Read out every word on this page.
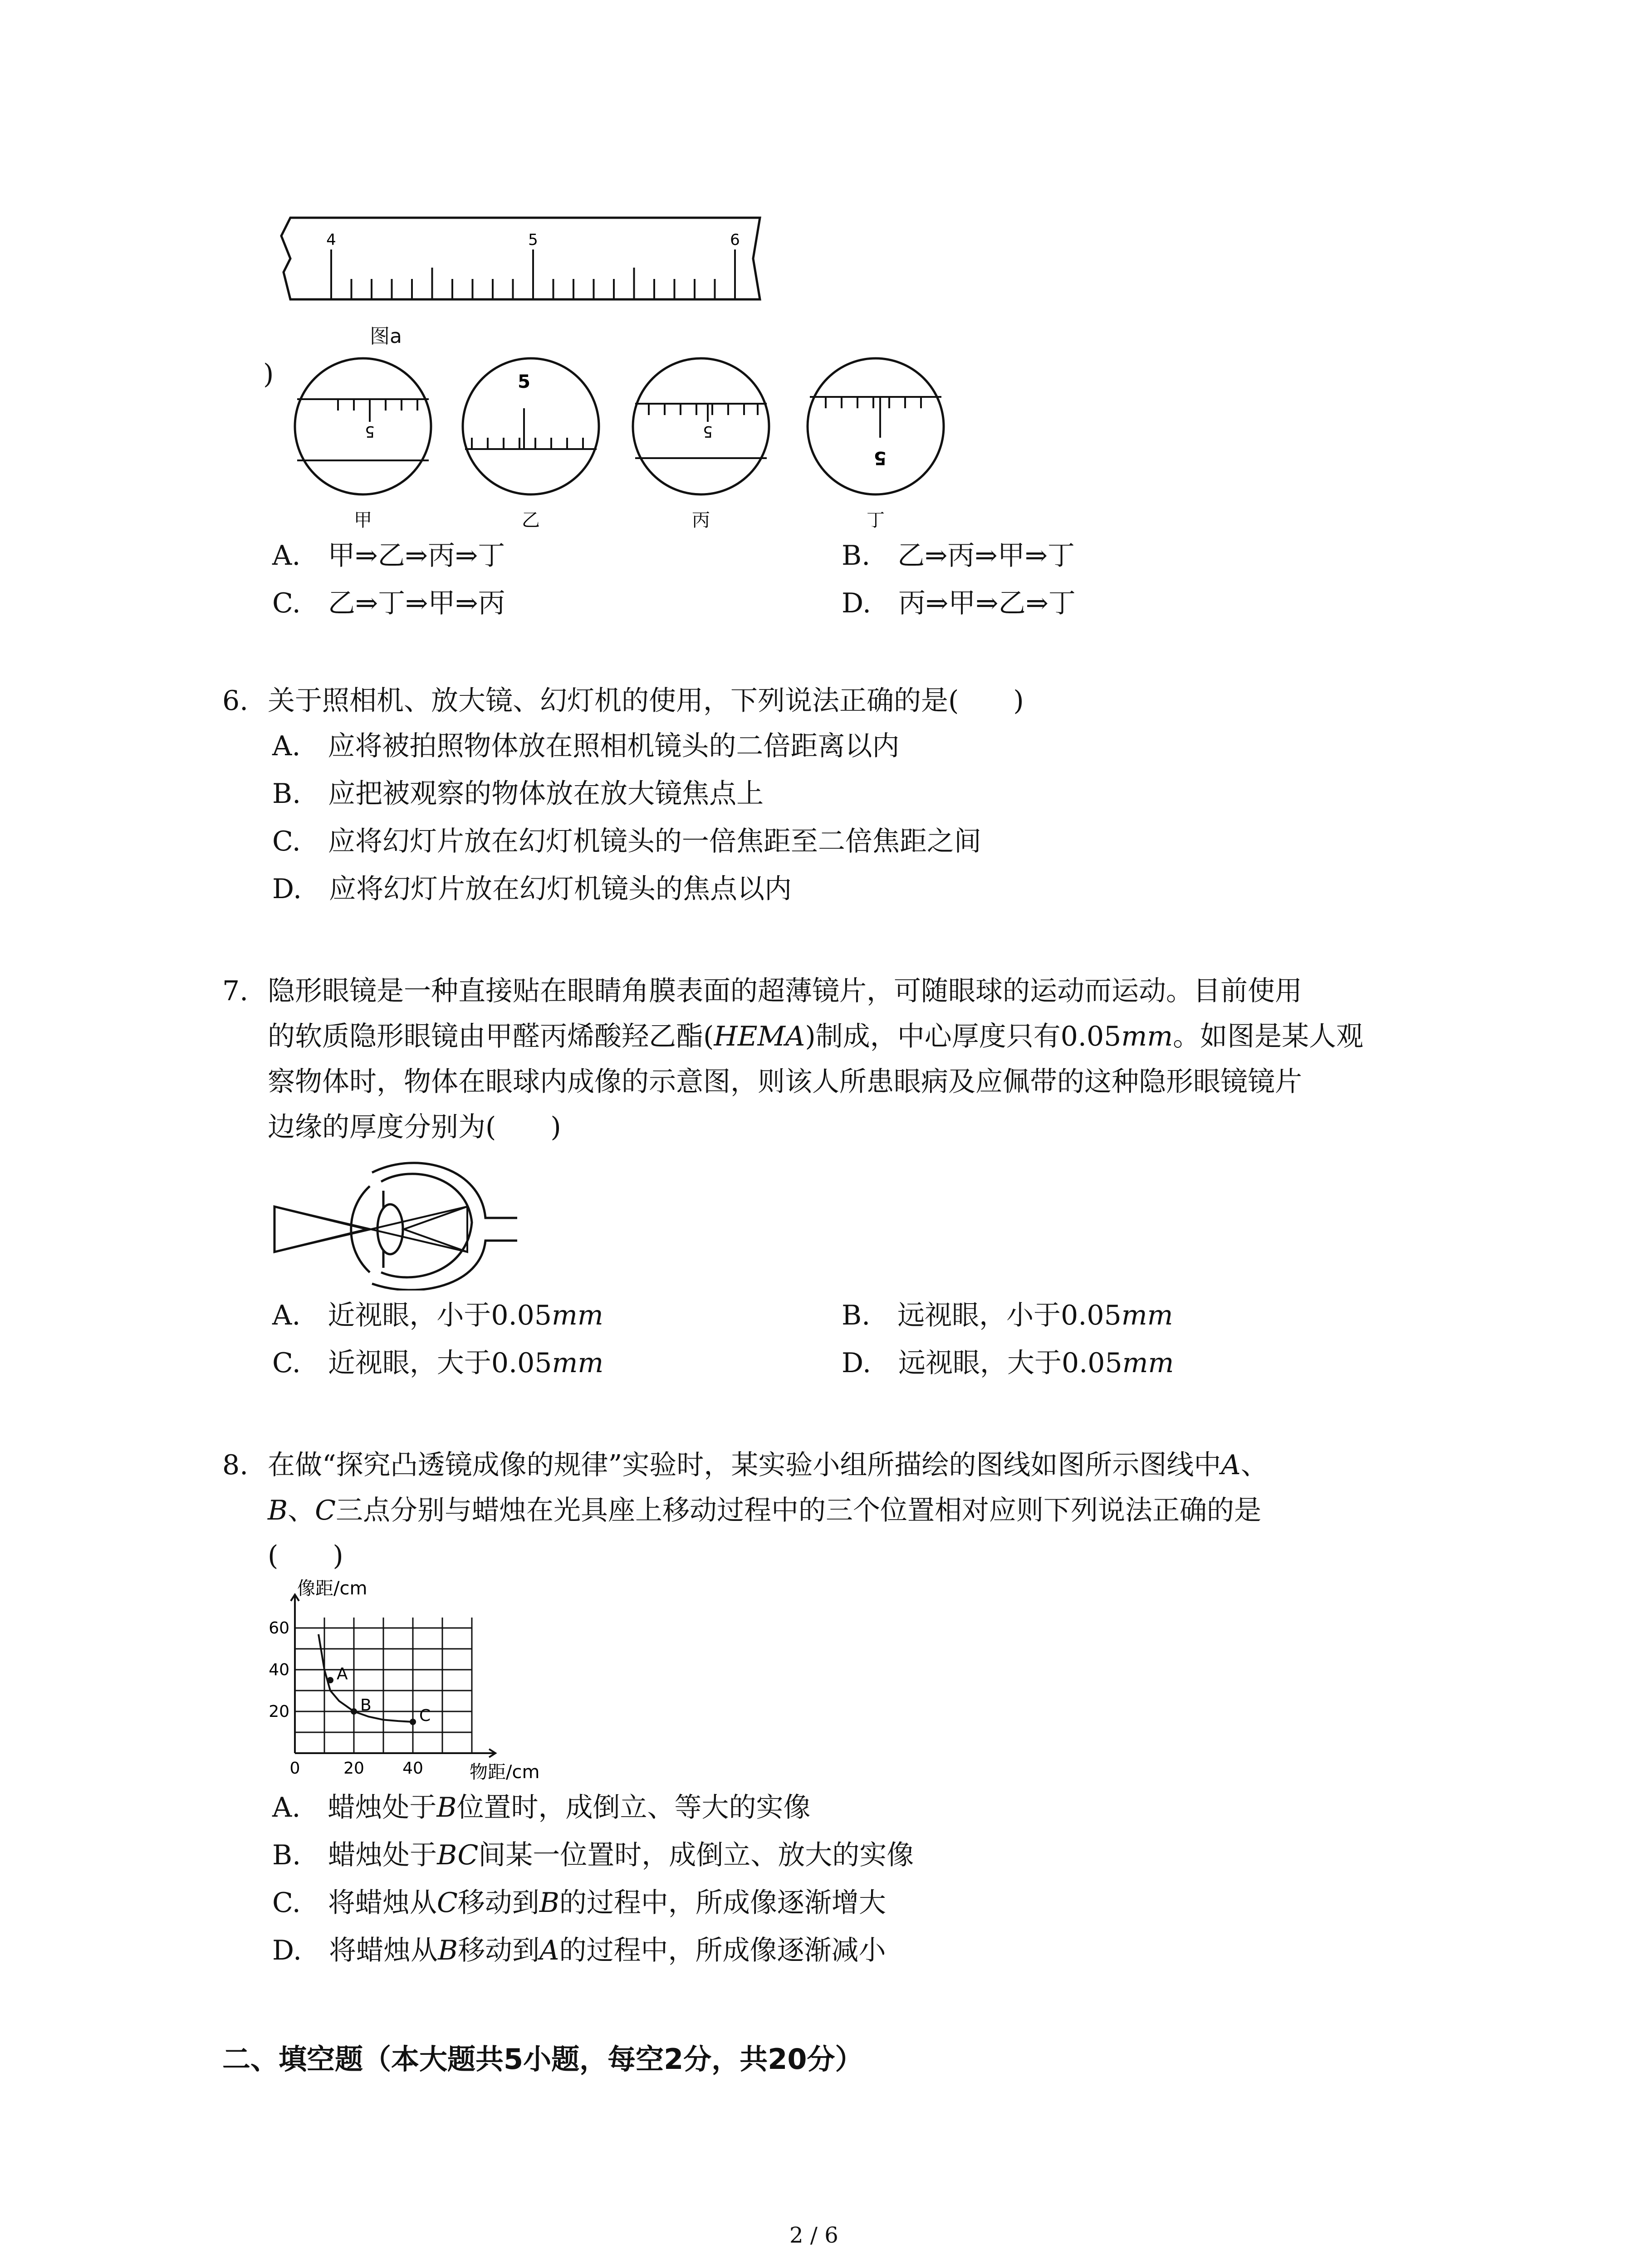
4	5	6
图a
)
5
甲
5
乙
5
丙
5
丁
A.　甲⇒乙⇒丙⇒丁	B.　乙⇒丙⇒甲⇒丁
C.　乙⇒丁⇒甲⇒丙	D.　丙⇒甲⇒乙⇒丁
6. 关于照相机、放大镜、幻灯机的使用，下列说法正确的是(　　)
A.　应将被拍照物体放在照相机镜头的二倍距离以内
B.　应把被观察的物体放在放大镜焦点上
C.　应将幻灯片放在幻灯机镜头的一倍焦距至二倍焦距之间
D.　应将幻灯片放在幻灯机镜头的焦点以内
7. 隐形眼镜是一种直接贴在眼睛角膜表面的超薄镜片，可随眼球的运动而运动。目前使用
的软质隐形眼镜由甲醛丙烯酸羟乙酯(HEMA)制成，中心厚度只有0.05mm。如图是某人观
察物体时，物体在眼球内成像的示意图，则该人所患眼病及应佩带的这种隐形眼镜镜片
边缘的厚度分别为(　　)
A.　近视眼，小于0.05mm	B.　远视眼，小于0.05mm
C.　近视眼，大于0.05mm	D.　远视眼，大于0.05mm
8. 在做“探究凸透镜成像的规律”实验时，某实验小组所描绘的图线如图所示图线中A、
B、C三点分别与蜡烛在光具座上移动过程中的三个位置相对应则下列说法正确的是
(　　)
0	20 40
20
40
60
A
B
C
像距/cm
物距/cm
A.　蜡烛处于B位置时，成倒立、等大的实像
B.　蜡烛处于BC间某一位置时，成倒立、放大的实像
C.　将蜡烛从C移动到B的过程中，所成像逐渐增大
D.　将蜡烛从B移动到A的过程中，所成像逐渐减小
二、填空题（本大题共5小题，每空2分，共20分）
2 / 6
